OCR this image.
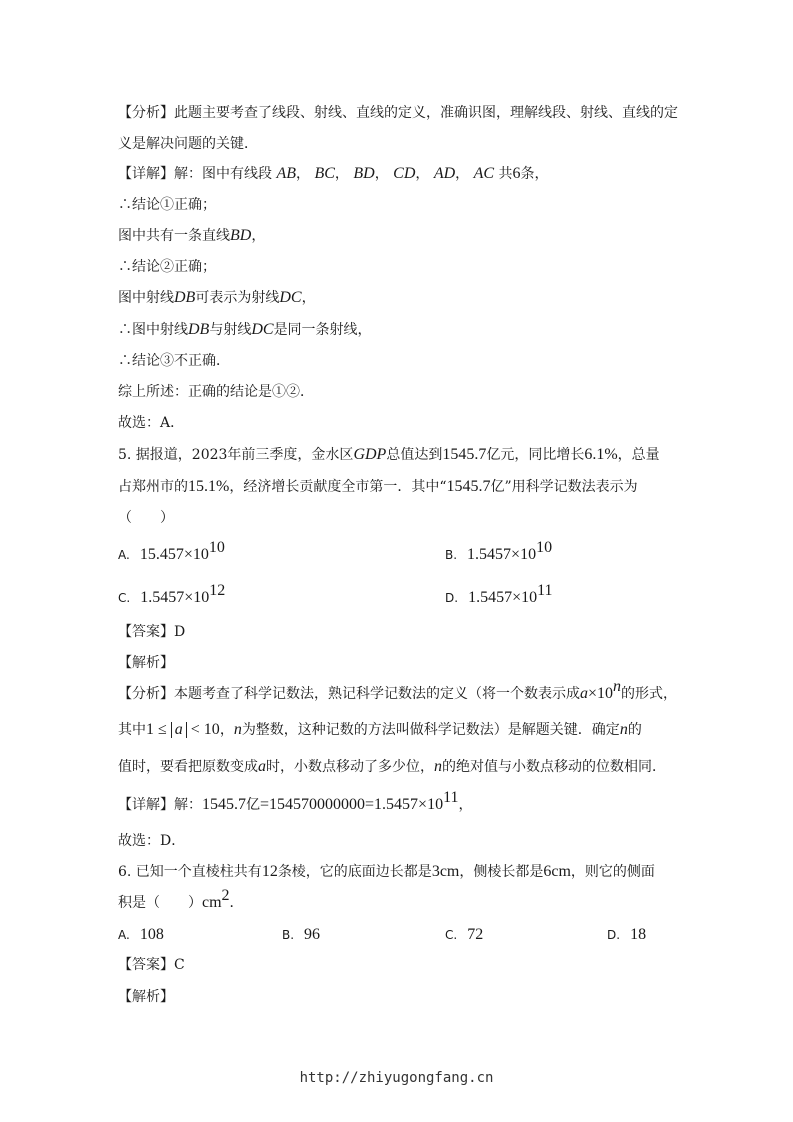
【分析】此题主要考查了线段、射线、直线的定义，准确识图，理解线段、射线、直线的定
义是解决问题的关键．
【详解】解：图中有线段 AB， BC， BD， CD， AD， AC 共6条，
∴结论①正确；
图中共有一条直线BD，
∴结论②正确；
图中射线DB可表示为射线DC，
∴图中射线DB与射线DC是同一条射线，
∴结论③不正确．
综上所述：正确的结论是①②．
故选：A．
5. 据报道，2023年前三季度，金水区GDP总值达到1545.7亿元，同比增长6.1%，总量
占郑州市的15.1%，经济增长贡献度全市第一．其中“1545.7亿”用科学记数法表示为
（　　）
A. $15.457\times 10^{10}$	B. $1.5457\times 10^{10}$
C. $1.5457\times 10^{12}$	D. $1.5457\times 10^{11}$
【答案】D
【解析】
【分析】本题考查了科学记数法，熟记科学记数法的定义（将一个数表示成$a\times 10^n$的形式，
其中1 ≤ a < 10，n为整数，这种记数的方法叫做科学记数法）是解题关键．确定n的
值时，要看把原数变成a时，小数点移动了多少位，n的绝对值与小数点移动的位数相同．
【详解】解：1545.7亿$=154570000000=1.5457\times 10^{11}$，
故选：D．
6. 已知一个直棱柱共有12条棱，它的底面边长都是3cm，侧棱长都是6cm，则它的侧面
积是（　　）$cm^2$．
A. 108	B. 96	C. 72	D. 18
【答案】C
【解析】
http://zhiyugongfang.cn
